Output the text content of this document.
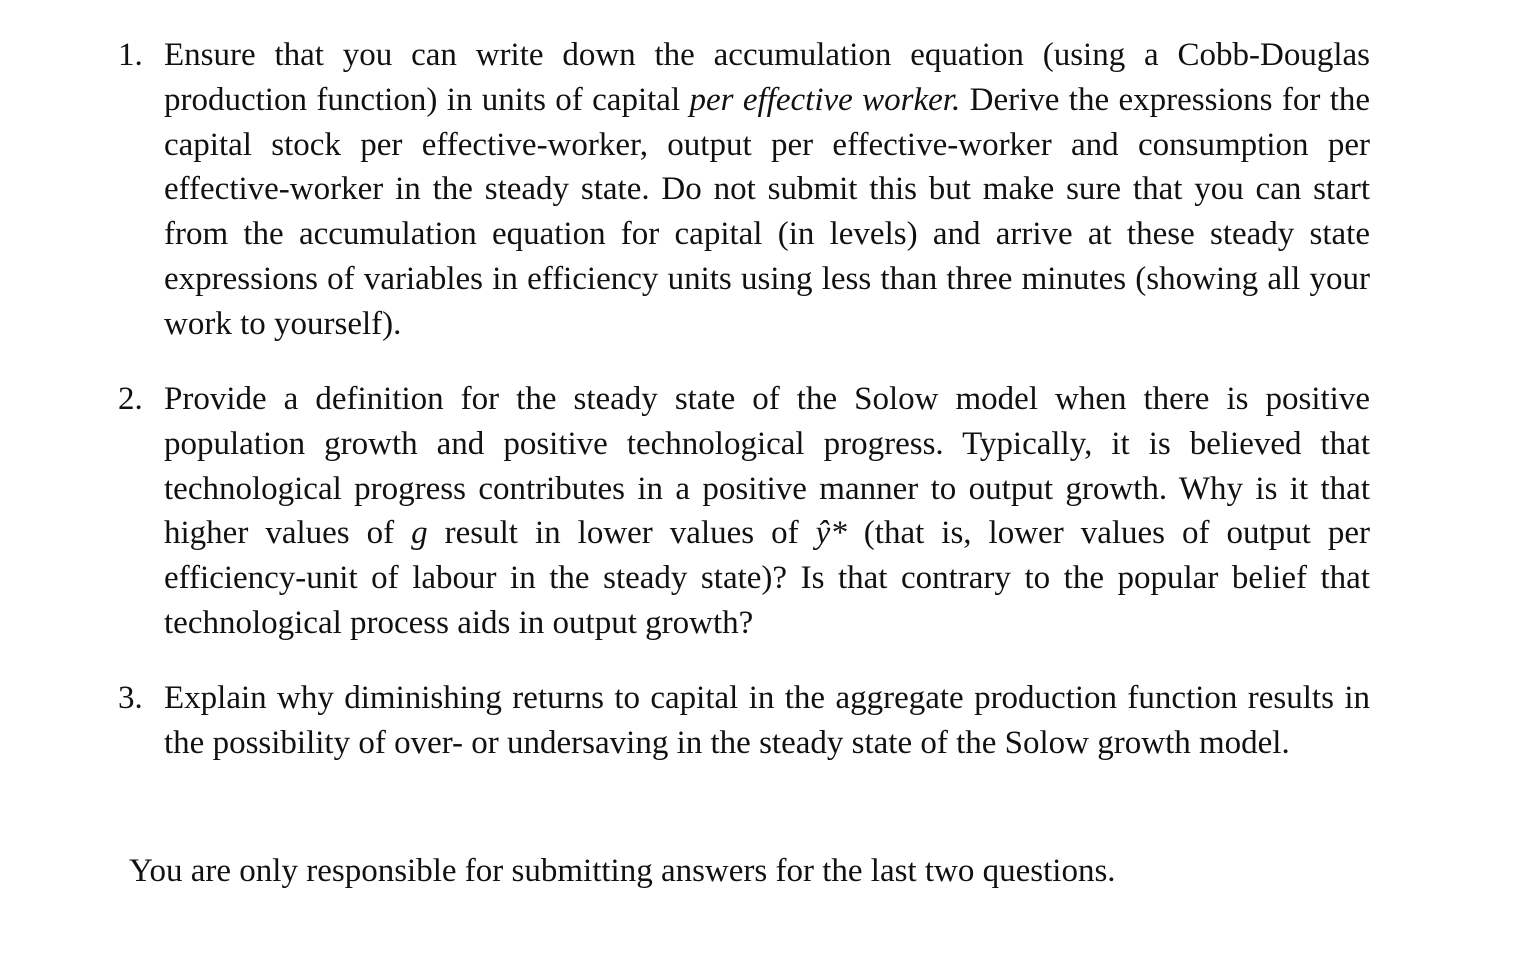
1. Ensure that you can write down the accumulation equation (using a Cobb-Douglas production function) in units of capital per effective worker. Derive the expressions for the capital stock per effective-worker, output per effective-worker and consumption per effective-worker in the steady state. Do not submit this but make sure that you can start from the accumulation equation for capital (in levels) and arrive at these steady state expressions of variables in efficiency units using less than three minutes (showing all your work to yourself).
2. Provide a definition for the steady state of the Solow model when there is positive population growth and positive technological progress. Typically, it is believed that technological progress contributes in a positive manner to output growth. Why is it that higher values of g result in lower values of ŷ* (that is, lower values of output per efficiency-unit of labour in the steady state)? Is that contrary to the popular belief that technological process aids in output growth?
3. Explain why diminishing returns to capital in the aggregate production function results in the possibility of over- or undersaving in the steady state of the Solow growth model.
You are only responsible for submitting answers for the last two questions.
